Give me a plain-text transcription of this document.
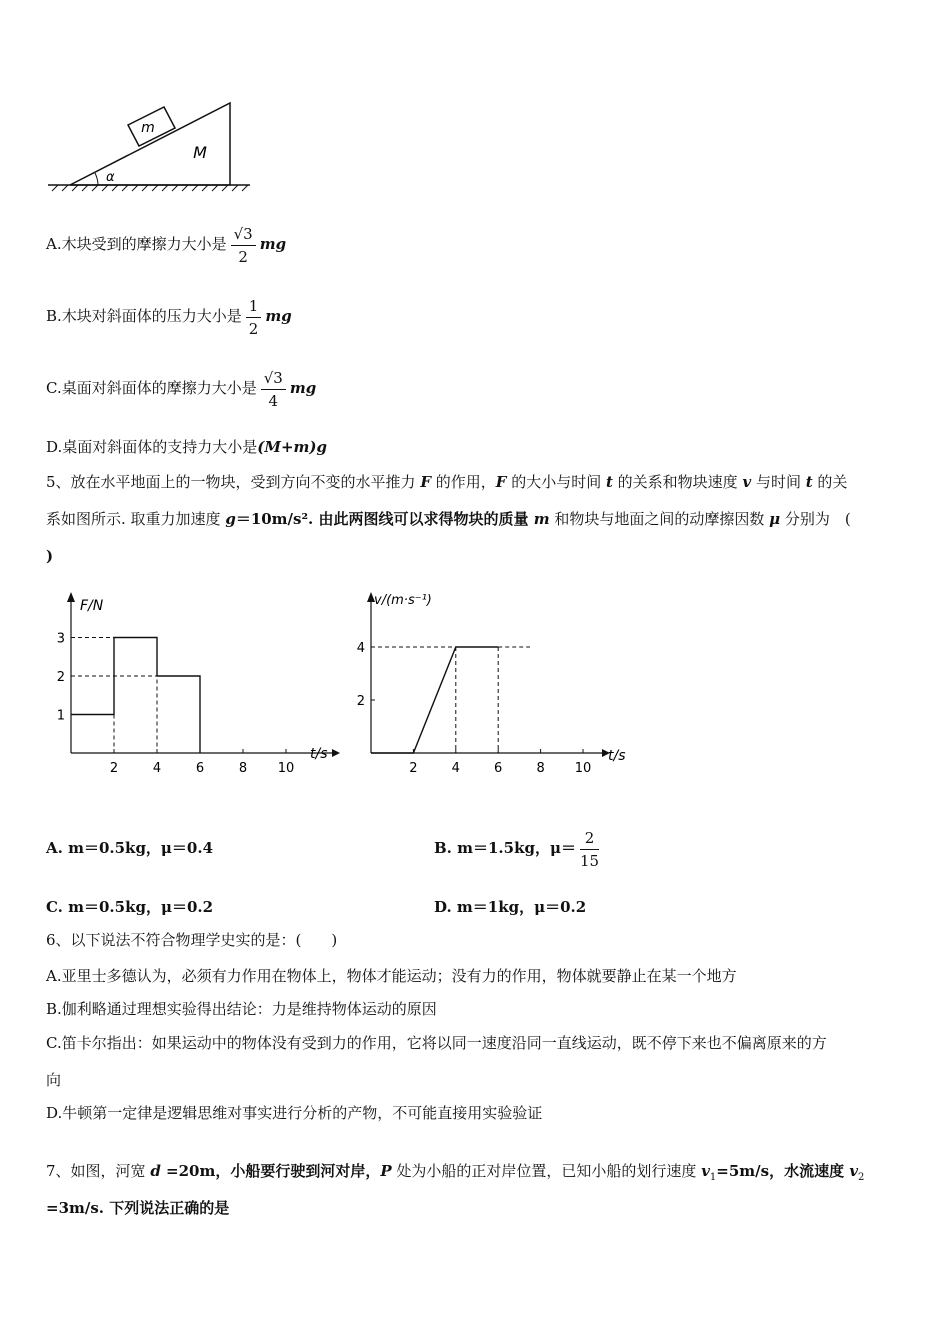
m
M
α
A.木块受到的摩擦力大小是 $\frac{√3}{2}$ mg
B.木块对斜面体的压力大小是 $\frac{1}{2}$ mg
C.桌面对斜面体的摩擦力大小是 $\frac{√3}{4}$ mg
D.桌面对斜面体的支持力大小是(M+m)g
5、放在水平地面上的一物块，受到方向不变的水平推力 F 的作用，F 的大小与时间 t 的关系和物块速度 v 与时间 t 的关
系如图所示. 取重力加速度 g＝10m/s². 由此两图线可以求得物块的质量 m 和物块与地面之间的动摩擦因数 μ 分别为　(
)
F/N
t/s
2	4	6	8 10
1
2
3
v/(m·s⁻¹)
t/s
2	4	6	8 10
2
4
A. m＝0.5kg，μ＝0.4	B. m＝1.5kg，$\mu= \frac{2}{15}$
C. m＝0.5kg，μ＝0.2	D. m＝1kg，μ＝0.2
6、以下说法不符合物理学史实的是：(　　)
A.亚里士多德认为，必须有力作用在物体上，物体才能运动；没有力的作用，物体就要静止在某一个地方
B.伽利略通过理想实验得出结论：力是维持物体运动的原因
C.笛卡尔指出：如果运动中的物体没有受到力的作用，它将以同一速度沿同一直线运动，既不停下来也不偏离原来的方
向
D.牛顿第一定律是逻辑思维对事实进行分析的产物，不可能直接用实验验证
7、如图，河宽 d =20m，小船要行驶到河对岸，P 处为小船的正对岸位置，已知小船的划行速度 $v_1=5m/s$，水流速度 $v_2$
=3m/s. 下列说法正确的是
